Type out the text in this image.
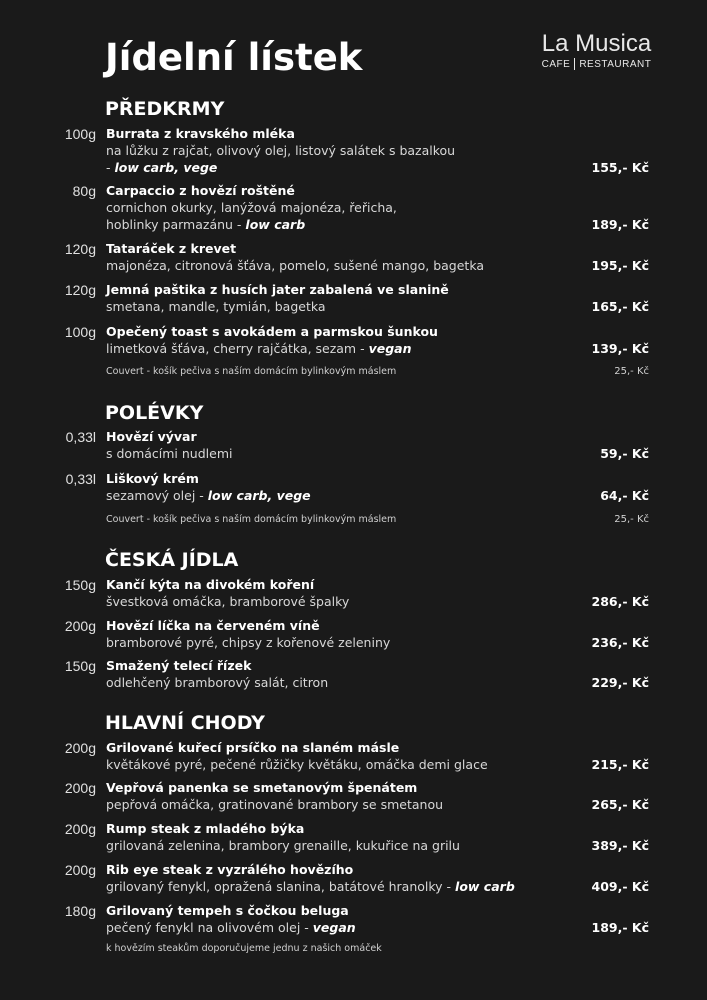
Jídelní lístek	La Musica
CAFE RESTAURANT
PŘEDKRMY
100g Burrata z kravského mléka
na lůžku z rajčat, olivový olej, listový salátek s bazalkou
- low carb, vege	155,- Kč
80g Carpaccio z hovězí roštěné
cornichon okurky, lanýžová majonéza, řeřicha,
hoblinky parmazánu - low carb	189,- Kč
120g Tataráček z krevet
majonéza, citronová šťáva, pomelo, sušené mango, bagetka	195,- Kč
120g Jemná paštika z husích jater zabalená ve slanině
smetana, mandle, tymián, bagetka	165,- Kč
100g Opečený toast s avokádem a parmskou šunkou
limetková šťáva, cherry rajčátka, sezam - vegan	139,- Kč
Couvert - košík pečiva s naším domácím bylinkovým máslem	25,- Kč
POLÉVKY
0,33l Hovězí vývar
s domácími nudlemi	59,- Kč
0,33l Liškový krém
sezamový olej - low carb, vege	64,- Kč
Couvert - košík pečiva s naším domácím bylinkovým máslem	25,- Kč
ČESKÁ JÍDLA
150g Kančí kýta na divokém koření
švestková omáčka, bramborové špalky	286,- Kč
200g Hovězí líčka na červeném víně
bramborové pyré, chipsy z kořenové zeleniny	236,- Kč
150g Smažený telecí řízek
odlehčený bramborový salát, citron	229,- Kč
HLAVNÍ CHODY
200g Grilované kuřecí prsíčko na slaném másle
květákové pyré, pečené růžičky květáku, omáčka demi glace	215,- Kč
200g Vepřová panenka se smetanovým špenátem
pepřová omáčka, gratinované brambory se smetanou	265,- Kč
200g Rump steak z mladého býka
grilovaná zelenina, brambory grenaille, kukuřice na grilu	389,- Kč
200g Rib eye steak z vyzrálého hovězího
grilovaný fenykl, opražená slanina, batátové hranolky - low carb	409,- Kč
180g Grilovaný tempeh s čočkou beluga
pečený fenykl na olivovém olej - vegan	189,- Kč
k hovězím steakům doporučujeme jednu z našich omáček
